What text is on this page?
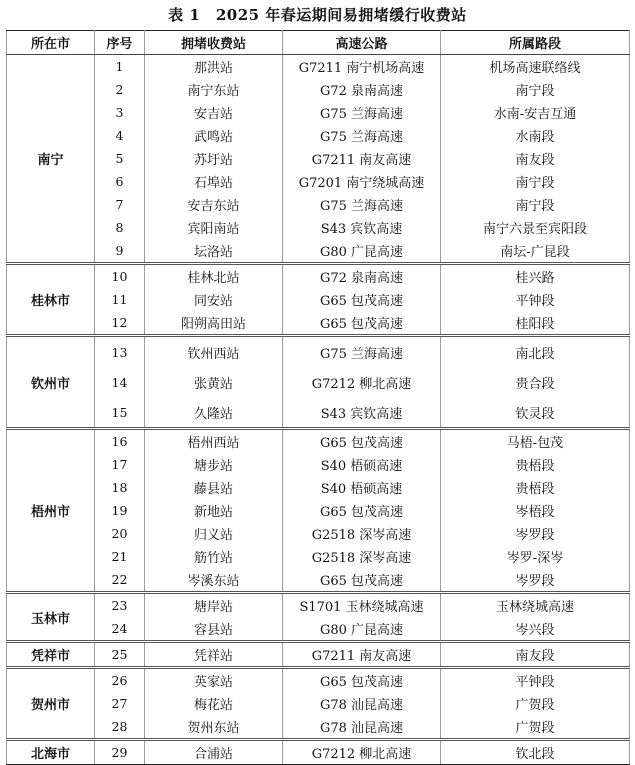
表 1　2025 年春运期间易拥堵缓行收费站
所在市	序号	拥堵收费站	高速公路	所属路段
南宁	1	那洪站	G7211 南宁机场高速	机场高速联络线
	2	南宁东站	G72 泉南高速	南宁段
	3	安吉站	G75 兰海高速	水南-安吉互通
	4	武鸣站	G75 兰海高速	水南段
	5	苏圩站	G7211 南友高速	南友段
	6	石埠站	G7201 南宁绕城高速	南宁段
	7	安吉东站	G75 兰海高速	南宁段
	8	宾阳南站	S43 宾钦高速	南宁六景至宾阳段
	9	坛洛站	G80 广昆高速	南坛-广昆段
桂林市	10	桂林北站	G72 泉南高速	桂兴路
	11	同安站	G65 包茂高速	平钟段
	12	阳朔高田站	G65 包茂高速	桂阳段
钦州市	13	钦州西站	G75 兰海高速	南北段
	14	张黄站	G7212 柳北高速	贵合段
	15	久隆站	S43 宾钦高速	钦灵段
梧州市	16	梧州西站	G65 包茂高速	马梧-包茂
	17	塘步站	S40 梧硕高速	贵梧段
	18	藤县站	S40 梧硕高速	贵梧段
	19	新地站	G65 包茂高速	岑梧段
	20	归义站	G2518 深岑高速	岑罗段
	21	筋竹站	G2518 深岑高速	岑罗-深岑
	22	岑溪东站	G65 包茂高速	岑罗段
玉林市	23	塘岸站	S1701 玉林绕城高速	玉林绕城高速
	24	容县站	G80 广昆高速	岑兴段
凭祥市	25	凭祥站	G7211 南友高速	南友段
贺州市	26	英家站	G65 包茂高速	平钟段
	27	梅花站	G78 汕昆高速	广贺段
	28	贺州东站	G78 汕昆高速	广贺段
北海市	29	合浦站	G7212 柳北高速	钦北段
